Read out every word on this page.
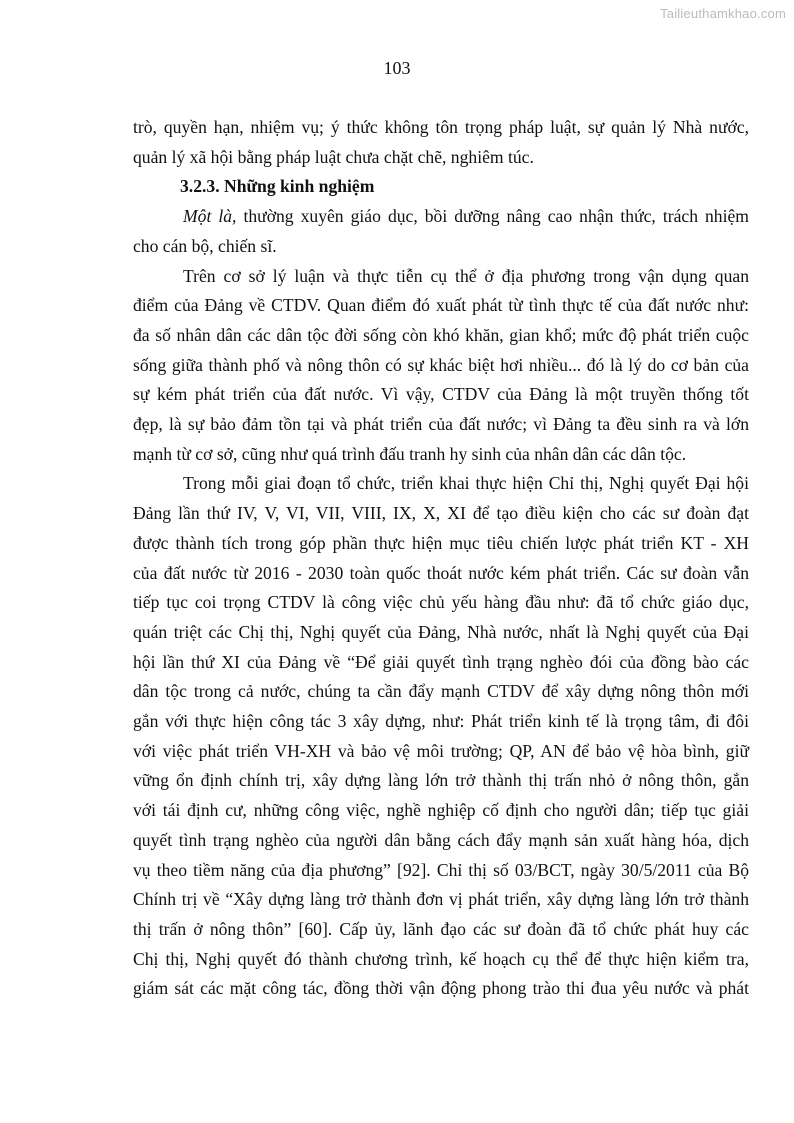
Tailieuthamkhao.com
103
trò, quyền hạn, nhiệm vụ; ý thức không tôn trọng pháp luật, sự quản lý Nhà nước,
quản lý xã hội bằng pháp luật chưa chặt chẽ, nghiêm túc.
3.2.3. Những kinh nghiệm
Một là, thường xuyên giáo dục, bồi dưỡng nâng cao nhận thức, trách nhiệm
cho cán bộ, chiến sĩ.
Trên cơ sở lý luận và thực tiễn cụ thể ở địa phương trong vận dụng quan
điểm của Đảng về CTDV. Quan điểm đó xuất phát từ tình thực tế của đất nước như:
đa số nhân dân các dân tộc đời sống còn khó khăn, gian khổ; mức độ phát triển cuộc
sống giữa thành phố và nông thôn có sự khác biệt hơi nhiều... đó là lý do cơ bản của
sự kém phát triển của đất nước. Vì vậy, CTDV của Đảng là một truyền thống tốt
đẹp, là sự bảo đảm tồn tại và phát triển của đất nước; vì Đảng ta đều sinh ra và lớn
mạnh từ cơ sở, cũng như quá trình đấu tranh hy sinh của nhân dân các dân tộc.
Trong mỗi giai đoạn tổ chức, triển khai thực hiện Chỉ thị, Nghị quyết Đại hội
Đảng lần thứ IV, V, VI, VII, VIII, IX, X, XI để tạo điều kiện cho các sư đoàn đạt
được thành tích trong góp phần thực hiện mục tiêu chiến lược phát triển KT - XH
của đất nước từ 2016 - 2030 toàn quốc thoát nước kém phát triển. Các sư đoàn vẫn
tiếp tục coi trọng CTDV là công việc chủ yếu hàng đầu như: đã tổ chức giáo dục,
quán triệt các Chị thị, Nghị quyết của Đảng, Nhà nước, nhất là Nghị quyết của Đại
hội lần thứ XI của Đảng về “Để giải quyết tình trạng nghèo đói của đồng bào các
dân tộc trong cả nước, chúng ta cần đẩy mạnh CTDV để xây dựng nông thôn mới
gắn với thực hiện công tác 3 xây dựng, như: Phát triển kinh tế là trọng tâm, đi đôi
với việc phát triển VH-XH và bảo vệ môi trường; QP, AN để bảo vệ hòa bình, giữ
vững ổn định chính trị, xây dựng làng lớn trở thành thị trấn nhỏ ở nông thôn, gắn
với tái định cư, những công việc, nghề nghiệp cố định cho người dân; tiếp tục giải
quyết tình trạng nghèo của người dân bằng cách đẩy mạnh sản xuất hàng hóa, dịch
vụ theo tiềm năng của địa phương” [92]. Chỉ thị số 03/BCT, ngày 30/5/2011 của Bộ
Chính trị về “Xây dựng làng trở thành đơn vị phát triển, xây dựng làng lớn trở thành
thị trấn ở nông thôn” [60]. Cấp ủy, lãnh đạo các sư đoàn đã tổ chức phát huy các
Chị thị, Nghị quyết đó thành chương trình, kế hoạch cụ thể để thực hiện kiểm tra,
giám sát các mặt công tác, đồng thời vận động phong trào thi đua yêu nước và phát
